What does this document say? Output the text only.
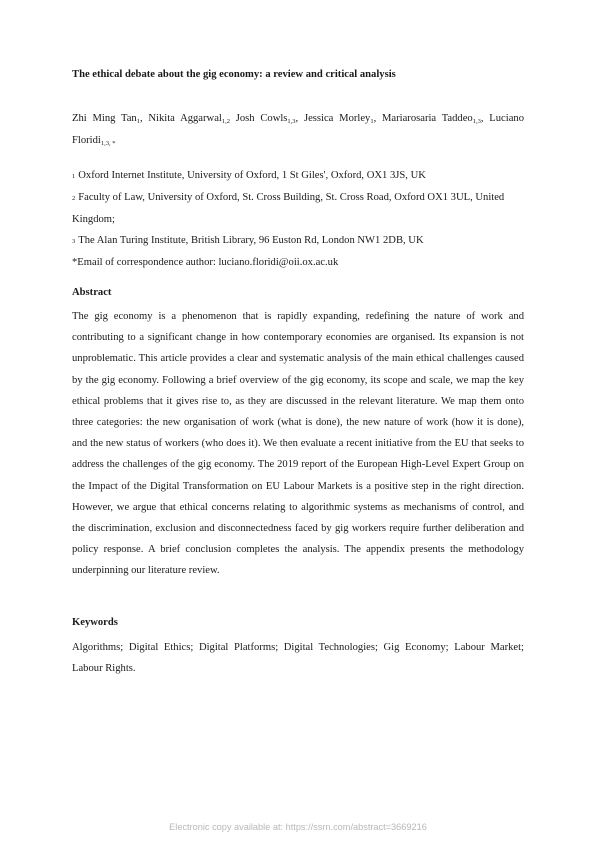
The ethical debate about the gig economy: a review and critical analysis
Zhi Ming Tan1, Nikita Aggarwal1,2 Josh Cowls1,3, Jessica Morley1, Mariarosaria Taddeo1,3, Luciano Floridi1,3, *
1 Oxford Internet Institute, University of Oxford, 1 St Giles', Oxford, OX1 3JS, UK
2 Faculty of Law, University of Oxford, St. Cross Building, St. Cross Road, Oxford OX1 3UL, United Kingdom;
3 The Alan Turing Institute, British Library, 96 Euston Rd, London NW1 2DB, UK
*Email of correspondence author: luciano.floridi@oii.ox.ac.uk
Abstract
The gig economy is a phenomenon that is rapidly expanding, redefining the nature of work and contributing to a significant change in how contemporary economies are organised. Its expansion is not unproblematic. This article provides a clear and systematic analysis of the main ethical challenges caused by the gig economy. Following a brief overview of the gig economy, its scope and scale, we map the key ethical problems that it gives rise to, as they are discussed in the relevant literature. We map them onto three categories: the new organisation of work (what is done), the new nature of work (how it is done), and the new status of workers (who does it). We then evaluate a recent initiative from the EU that seeks to address the challenges of the gig economy. The 2019 report of the European High-Level Expert Group on the Impact of the Digital Transformation on EU Labour Markets is a positive step in the right direction. However, we argue that ethical concerns relating to algorithmic systems as mechanisms of control, and the discrimination, exclusion and disconnectedness faced by gig workers require further deliberation and policy response. A brief conclusion completes the analysis. The appendix presents the methodology underpinning our literature review.
Keywords
Algorithms; Digital Ethics; Digital Platforms; Digital Technologies; Gig Economy; Labour Market; Labour Rights.
Electronic copy available at: https://ssrn.com/abstract=3669216
